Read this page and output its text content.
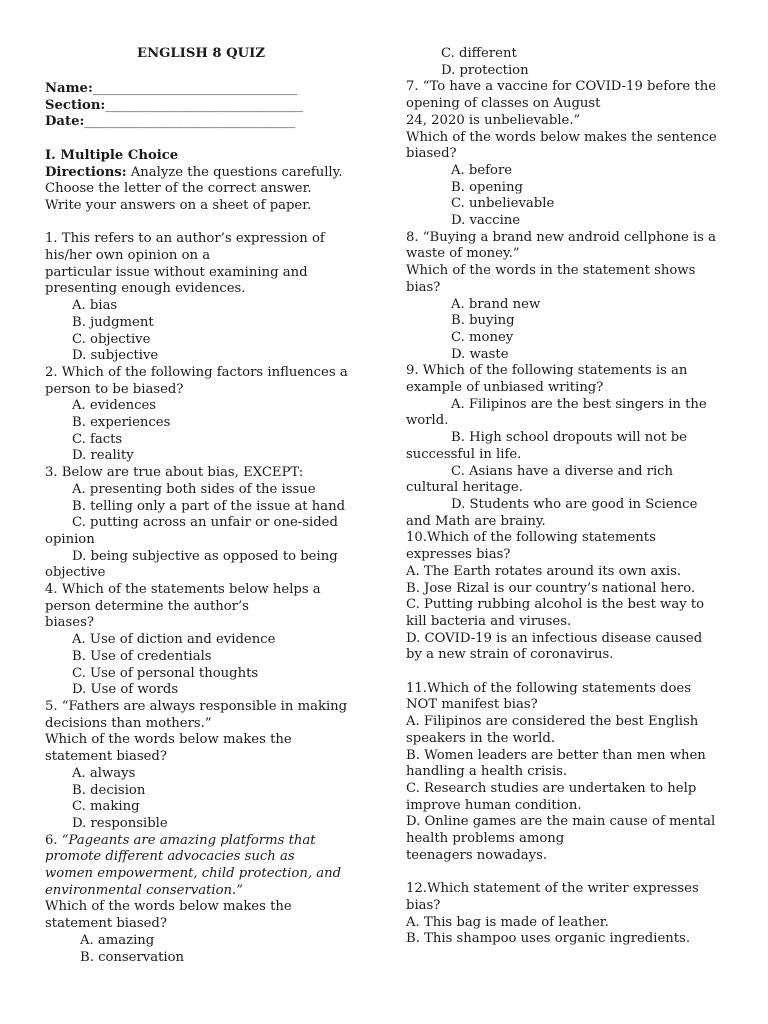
ENGLISH 8 QUIZ
Name:_______________________________
Section:______________________________
Date:________________________________

I. Multiple Choice

Directions: Analyze the questions carefully.

Choose the letter of the correct answer.

Write your answers on a sheet of paper.

1. This refers to an author’s expression of

his/her own opinion on a

particular issue without examining and

presenting enough evidences.

A. bias

B. judgment

C. objective

D. subjective

2. Which of the following factors influences a

person to be biased?

A. evidences

B. experiences

C. facts

D. reality

3. Below are true about bias, EXCEPT:

A. presenting both sides of the issue

B. telling only a part of the issue at hand

C. putting across an unfair or one-sided

opinion

D. being subjective as opposed to being

objective

4. Which of the statements below helps a

person determine the author’s

biases?

A. Use of diction and evidence

B. Use of credentials

C. Use of personal thoughts

D. Use of words

5. “Fathers are always responsible in making

decisions than mothers.”

Which of the words below makes the

statement biased?

A. always

B. decision

C. making

D. responsible

6. “Pageants are amazing platforms that

promote different advocacies such as

women empowerment, child protection, and

environmental conservation.”

Which of the words below makes the

statement biased?

A. amazing

B. conservation

C. different

D. protection

7. “To have a vaccine for COVID-19 before the

opening of classes on August

24, 2020 is unbelievable.”

Which of the words below makes the sentence

biased?

A. before

B. opening

C. unbelievable

D. vaccine

8. “Buying a brand new android cellphone is a

waste of money.”

Which of the words in the statement shows

bias?

A. brand new

B. buying

C. money

D. waste

9. Which of the following statements is an

example of unbiased writing?

A. Filipinos are the best singers in the

world.

B. High school dropouts will not be

successful in life.

C. Asians have a diverse and rich

cultural heritage.

D. Students who are good in Science

and Math are brainy.

10.Which of the following statements

expresses bias?

A. The Earth rotates around its own axis.

B. Jose Rizal is our country’s national hero.

C. Putting rubbing alcohol is the best way to

kill bacteria and viruses.

D. COVID-19 is an infectious disease caused

by a new strain of coronavirus.

11.Which of the following statements does

NOT manifest bias?

A. Filipinos are considered the best English

speakers in the world.

B. Women leaders are better than men when

handling a health crisis.

C. Research studies are undertaken to help

improve human condition.

D. Online games are the main cause of mental

health problems among

teenagers nowadays.

12.Which statement of the writer expresses

bias?

A. This bag is made of leather.

B. This shampoo uses organic ingredients.
